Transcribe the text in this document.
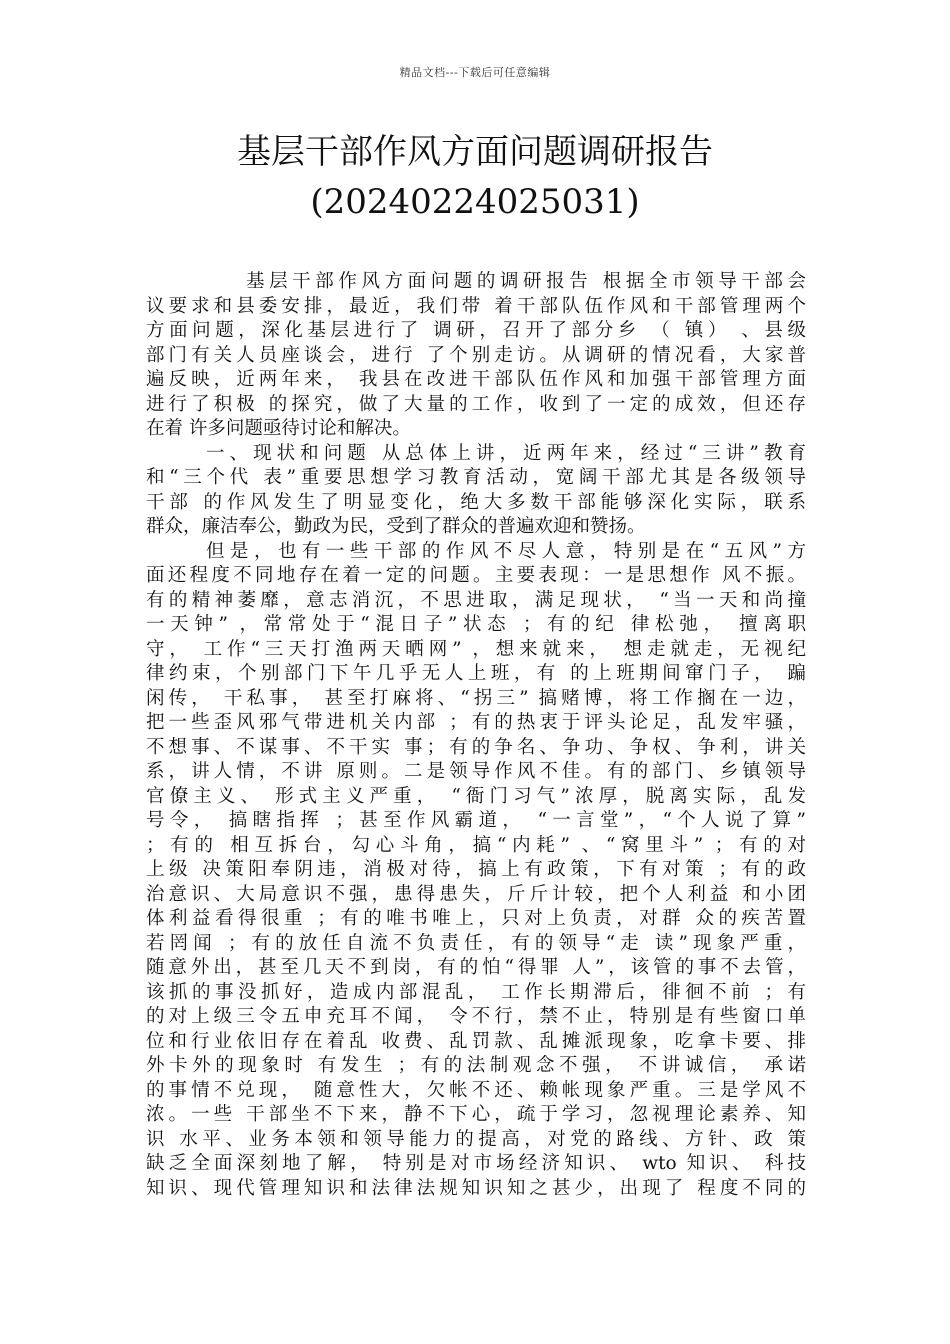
精品文档---下载后可任意编辑
基层干部作风方面问题调研报告
(20240224025031)
基层干部作风方面问题的调研报告 根据全市领导干部会
议要求和县委安排，最近，我们带 着干部队伍作风和干部管理两个
方面问题，深化基层进行了 调研，召开了部分乡 （ 镇） 、县级
部门有关人员座谈会，进行 了个别走访。从调研的情况看，大家普
遍反映，近两年来， 我县在改进干部队伍作风和加强干部管理方面
进行了积极 的探究，做了大量的工作，收到了一定的成效，但还存
在着 许多问题亟待讨论和解决。
一、现状和问题 从总体上讲，近两年来，经过“三讲”教育
和“三个代 表”重要思想学习教育活动，宽阔干部尤其是各级领导
干部 的作风发生了明显变化，绝大多数干部能够深化实际，联系
群众，廉洁奉公，勤政为民，受到了群众的普遍欢迎和赞扬。
但是，也有一些干部的作风不尽人意，特别是在“五风”方
面还程度不同地存在着一定的问题。主要表现：一是思想作 风不振。
有的精神萎靡，意志消沉，不思进取，满足现状， “当一天和尚撞
一天钟” ，常常处于“混日子”状态 ；有的纪 律松弛， 擅离职
守， 工作“三天打渔两天晒网” ，想来就来， 想走就走，无视纪
律约束，个别部门下午几乎无人上班，有 的上班期间窜门子， 蹁
闲传， 干私事， 甚至打麻将、“拐三” 搞赌博，将工作搁在一边，
把一些歪风邪气带进机关内部 ；有的热衷于评头论足，乱发牢骚，
不想事、不谋事、不干实 事；有的争名、争功、争权、争利，讲关
系，讲人情，不讲 原则。二是领导作风不佳。有的部门、乡镇领导
官僚主义、 形式主义严重， “衙门习气”浓厚，脱离实际，乱发
号令， 搞瞎指挥 ；甚至作风霸道， “一言堂”，“个人说了算”
；有的 相互拆台，勾心斗角，搞“内耗” 、“窝里斗” ；有的对
上级 决策阳奉阴违，消极对待，搞上有政策，下有对策 ；有的政
治意识、大局意识不强，患得患失，斤斤计较，把个人利益 和小团
体利益看得很重 ；有的唯书唯上，只对上负责，对群 众的疾苦置
若罔闻 ；有的放任自流不负责任，有的领导“走 读”现象严重，
随意外出，甚至几天不到岗，有的怕“得罪 人”，该管的事不去管，
该抓的事没抓好，造成内部混乱， 工作长期滞后，徘徊不前 ；有
的对上级三令五申充耳不闻， 令不行，禁不止，特别是有些窗口单
位和行业依旧存在着乱 收费、乱罚款、乱摊派现象，吃拿卡要、排
外卡外的现象时 有发生 ；有的法制观念不强， 不讲诚信， 承诺
的事情不兑现， 随意性大，欠帐不还、赖帐现象严重。三是学风不
浓。一些 干部坐不下来，静不下心，疏于学习，忽视理论素养、知
识 水平、业务本领和领导能力的提高，对党的路线、方针、政 策
缺乏全面深刻地了解， 特别是对市场经济知识、 wto 知识、 科技
知识、现代管理知识和法律法规知识知之甚少，出现了 程度不同的
